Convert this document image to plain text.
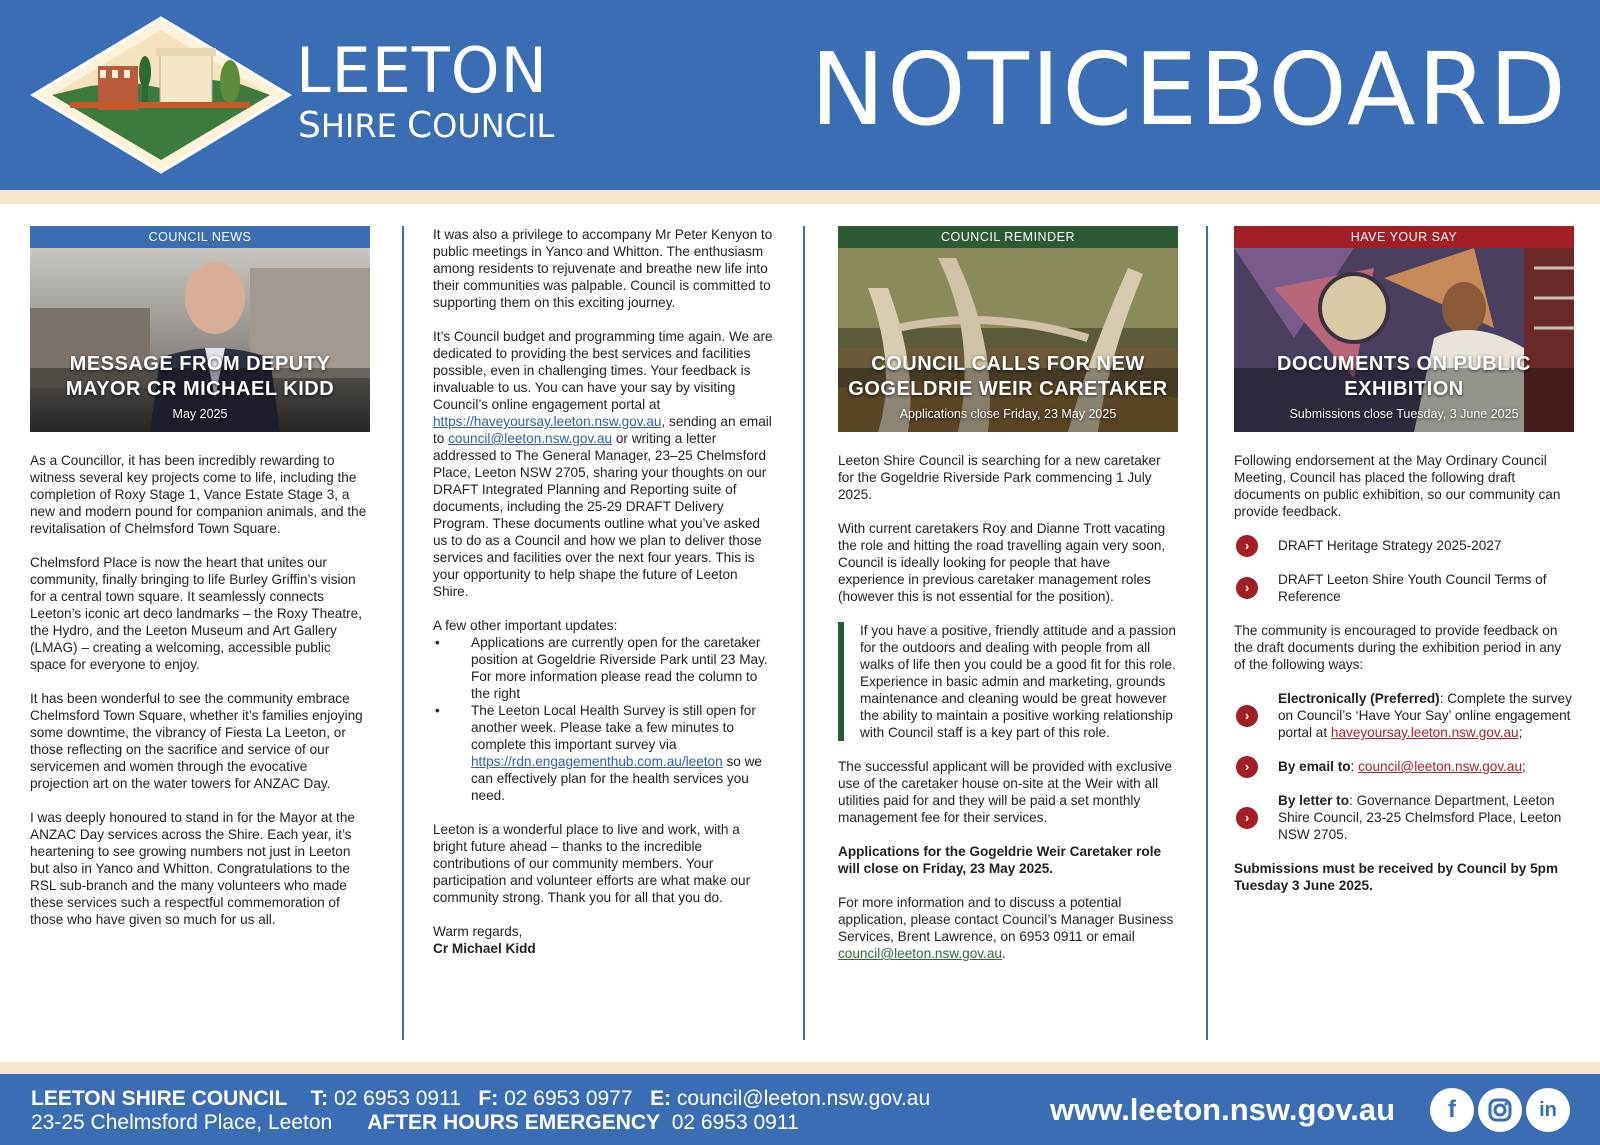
LEETON
SHIRE COUNCIL	NOTICEBOARD
COUNCIL NEWS
MESSAGE FROM DEPUTY
MAYOR CR MICHAEL KIDD
May 2025

As a Councillor, it has been incredibly rewarding to witness several key projects come to life, including the completion of Roxy Stage 1, Vance Estate Stage 3, a new and modern pound for companion animals, and the revitalisation of Chelmsford Town Square.

Chelmsford Place is now the heart that unites our community, finally bringing to life Burley Griffin’s vision for a central town square. It seamlessly connects Leeton’s iconic art deco landmarks – the Roxy Theatre, the Hydro, and the Leeton Museum and Art Gallery (LMAG) – creating a welcoming, accessible public space for everyone to enjoy.

It has been wonderful to see the community embrace Chelmsford Town Square, whether it’s families enjoying some downtime, the vibrancy of Fiesta La Leeton, or those reflecting on the sacrifice and service of our servicemen and women through the evocative projection art on the water towers for ANZAC Day.

I was deeply honoured to stand in for the Mayor at the ANZAC Day services across the Shire. Each year, it’s heartening to see growing numbers not just in Leeton but also in Yanco and Whitton. Congratulations to the RSL sub-branch and the many volunteers who made these services such a respectful commemoration of those who have given so much for us all.

It was also a privilege to accompany Mr Peter Kenyon to public meetings in Yanco and Whitton. The enthusiasm among residents to rejuvenate and breathe new life into their communities was palpable. Council is committed to supporting them on this exciting journey.

It’s Council budget and programming time again. We are dedicated to providing the best services and facilities possible, even in challenging times. Your feedback is invaluable to us. You can have your say by visiting Council’s online engagement portal at https://haveyoursay.leeton.nsw.gov.au, sending an email to council@leeton.nsw.gov.au or writing a letter addressed to The General Manager, 23–25 Chelmsford Place, Leeton NSW 2705, sharing your thoughts on our DRAFT Integrated Planning and Reporting suite of documents, including the 25-29 DRAFT Delivery Program. These documents outline what you’ve asked us to do as a Council and how we plan to deliver those services and facilities over the next four years. This is your opportunity to help shape the future of Leeton Shire.

A few other important updates:
• Applications are currently open for the caretaker position at Gogeldrie Riverside Park until 23 May. For more information please read the column to the right
• The Leeton Local Health Survey is still open for another week. Please take a few minutes to complete this important survey via https://rdn.engagementhub.com.au/leeton so we can effectively plan for the health services you need.

Leeton is a wonderful place to live and work, with a bright future ahead – thanks to the incredible contributions of our community members. Your participation and volunteer efforts are what make our community strong. Thank you for all that you do.

Warm regards,
Cr Michael Kidd
COUNCIL REMINDER
COUNCIL CALLS FOR NEW
GOGELDRIE WEIR CARETAKER
Applications close Friday, 23 May 2025

Leeton Shire Council is searching for a new caretaker for the Gogeldrie Riverside Park commencing 1 July 2025.

With current caretakers Roy and Dianne Trott vacating the role and hitting the road travelling again very soon, Council is ideally looking for people that have experience in previous caretaker management roles (however this is not essential for the position).

If you have a positive, friendly attitude and a passion for the outdoors and dealing with people from all walks of life then you could be a good fit for this role. Experience in basic admin and marketing, grounds maintenance and cleaning would be great however the ability to maintain a positive working relationship with Council staff is a key part of this role.

The successful applicant will be provided with exclusive use of the caretaker house on-site at the Weir with all utilities paid for and they will be paid a set monthly management fee for their services.

Applications for the Gogeldrie Weir Caretaker role will close on Friday, 23 May 2025.

For more information and to discuss a potential application, please contact Council’s Manager Business Services, Brent Lawrence, on 6953 0911 or email council@leeton.nsw.gov.au.

HAVE YOUR SAY
DOCUMENTS ON PUBLIC
EXHIBITION
Submissions close Tuesday, 3 June 2025

Following endorsement at the May Ordinary Council Meeting, Council has placed the following draft documents on public exhibition, so our community can provide feedback.

›	DRAFT Heritage Strategy 2025-2027
›
DRAFT Leeton Shire Youth Council Terms of Reference

The community is encouraged to provide feedback on the draft documents during the exhibition period in any of the following ways:

›
Electronically (Preferred): Complete the survey on Council’s ‘Have Your Say’ online engagement portal at haveyoursay.leeton.nsw.gov.au;
›	By email to: council@leeton.nsw.gov.au;
›
By letter to: Governance Department, Leeton Shire Council, 23-25 Chelmsford Place, Leeton NSW 2705.

Submissions must be received by Council by 5pm Tuesday 3 June 2025.

LEETON SHIRE COUNCIL T: 02 6953 0911 F: 02 6953 0977 E: council@leeton.nsw.gov.au
23-25 Chelmsford Place, Leeton AFTER HOURS EMERGENCY 02 6953 0911	www.leeton.nsw.gov.au	f	in
